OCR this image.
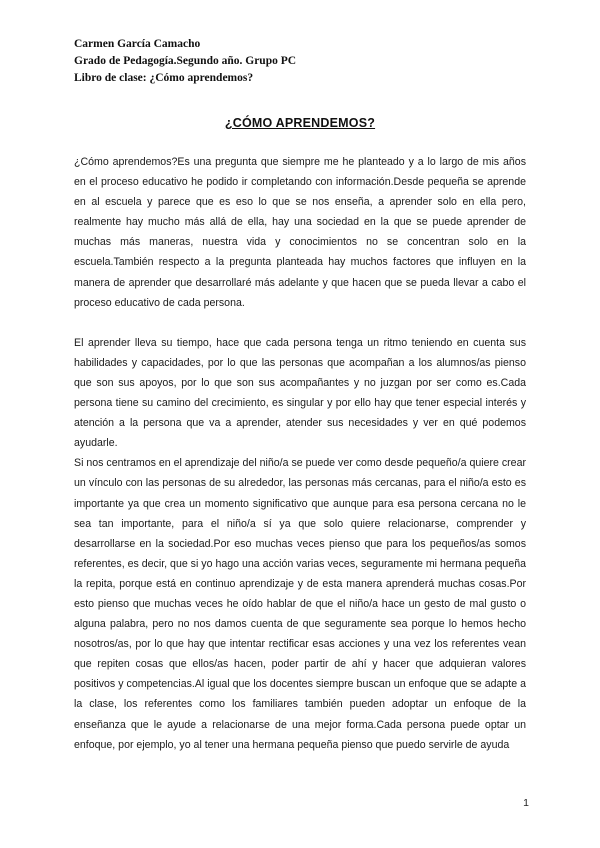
Carmen García Camacho
Grado de Pedagogía.Segundo año. Grupo PC
Libro de clase: ¿Cómo aprendemos?
¿CÓMO APRENDEMOS?

¿Cómo aprendemos?Es una pregunta que siempre me he planteado y a lo largo de mis años en el proceso educativo he podido ir completando con información.Desde pequeña se aprende en al escuela y parece que es eso lo que se nos enseña, a aprender solo en ella pero, realmente hay mucho más allá de ella, hay una sociedad en la que se puede aprender de muchas más maneras, nuestra vida y conocimientos no se concentran solo en la escuela.También respecto a la pregunta planteada hay muchos factores que influyen en la manera de aprender que desarrollaré más adelante y que hacen que se pueda llevar a cabo el proceso educativo de cada persona.

El aprender lleva su tiempo, hace que cada persona tenga un ritmo teniendo en cuenta sus habilidades y capacidades, por lo que las personas que acompañan a los alumnos/as pienso que son sus apoyos, por lo que son sus acompañantes y no juzgan por ser como es.Cada persona tiene su camino del crecimiento, es singular y por ello hay que tener especial interés y atención a la persona que va a aprender, atender sus necesidades y ver en qué podemos ayudarle.

Si nos centramos en el aprendizaje del niño/a se puede ver como desde pequeño/a quiere crear un vínculo con las personas de su alrededor, las personas más cercanas, para el niño/a esto es importante ya que crea un momento significativo que aunque para esa persona cercana no le sea tan importante, para el niño/a sí ya que solo quiere relacionarse, comprender y desarrollarse en la sociedad.Por eso muchas veces pienso que para los pequeños/as somos referentes, es decir, que si yo hago una acción varias veces, seguramente mi hermana pequeña la repita, porque está en continuo aprendizaje y de esta manera aprenderá muchas cosas.Por esto pienso que muchas veces he oído hablar de que el niño/a hace un gesto de mal gusto o alguna palabra, pero no nos damos cuenta de que seguramente sea porque lo hemos hecho nosotros/as, por lo que hay que intentar rectificar esas acciones y una vez los referentes vean que repiten cosas que ellos/as hacen, poder partir de ahí y hacer que adquieran valores positivos y competencias.Al igual que los docentes siempre buscan un enfoque que se adapte a la clase, los referentes como los familiares también pueden adoptar un enfoque de la enseñanza que le ayude a relacionarse de una mejor forma.Cada persona puede optar un enfoque, por ejemplo, yo al tener una hermana pequeña pienso que puedo servirle de ayuda

1
